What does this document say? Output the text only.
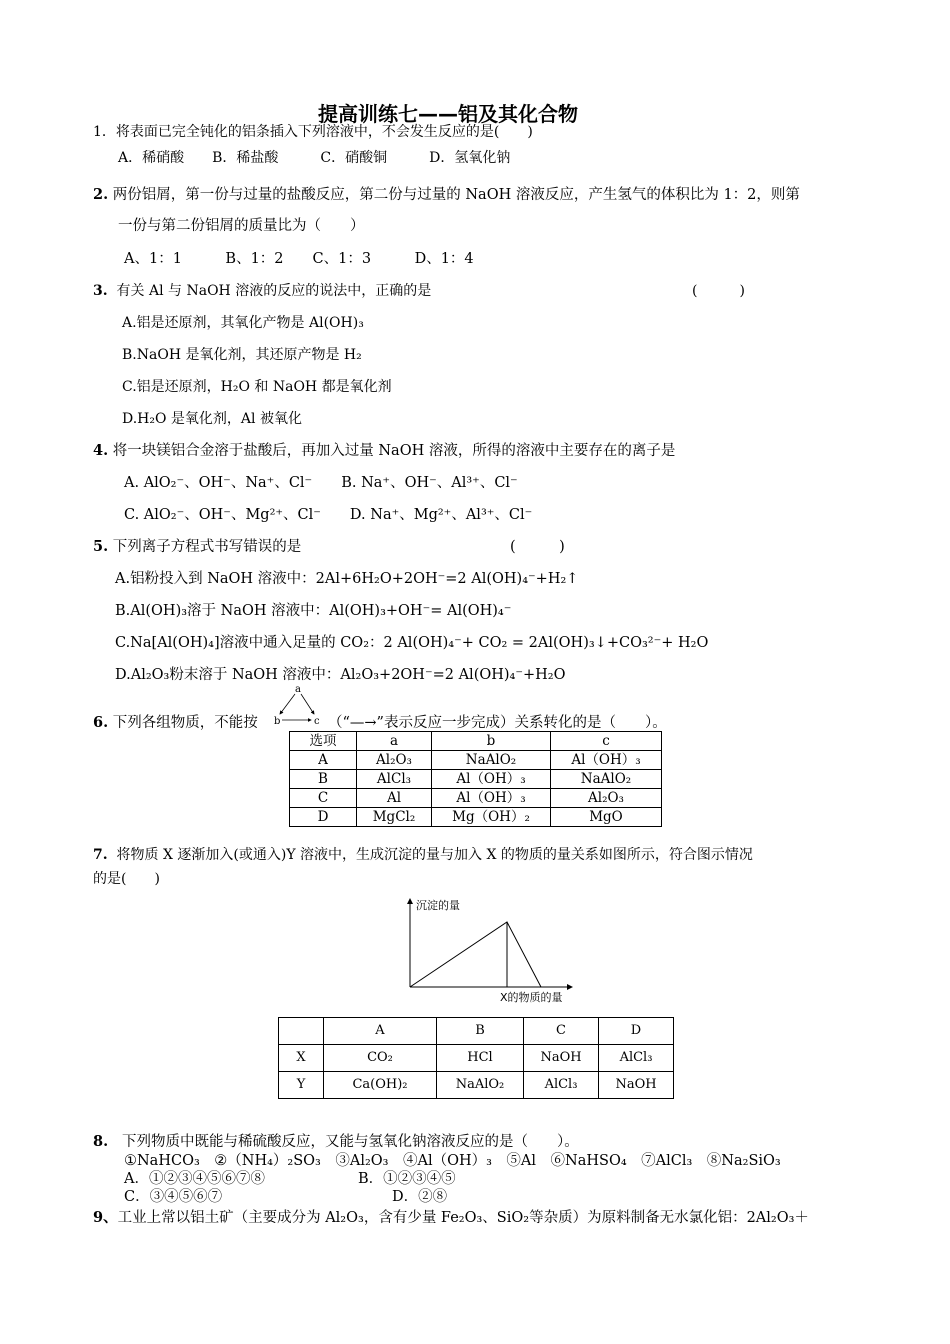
提高训练七——铝及其化合物
1．将表面已完全钝化的铝条插入下列溶液中，不会发生反应的是(　　)
A．稀硝酸　　B．稀盐酸　　　C．硝酸铜　　　D．氢氧化钠
2. 两份铝屑，第一份与过量的盐酸反应，第二份与过量的 NaOH 溶液反应，产生氢气的体积比为 1：2，则第
一份与第二份铝屑的质量比为（　　）
A、1：1　　　B、1：2　　C、1：3　　　D、1：4
3. 有关 Al 与 NaOH 溶液的反应的说法中，正确的是	(　　　)
A.铝是还原剂，其氧化产物是 Al(OH)₃
B.NaOH 是氧化剂，其还原产物是 H₂
C.铝是还原剂，H₂O 和 NaOH 都是氧化剂
D.H₂O 是氧化剂，Al 被氧化
4. 将一块镁铝合金溶于盐酸后，再加入过量 NaOH 溶液，所得的溶液中主要存在的离子是
A. AlO₂⁻、OH⁻、Na⁺、Cl⁻　　B. Na⁺、OH⁻、Al³⁺、Cl⁻
C. AlO₂⁻、OH⁻、Mg²⁺、Cl⁻　　D. Na⁺、Mg²⁺、Al³⁺、Cl⁻
5. 下列离子方程式书写错误的是	(　　　)
A.铝粉投入到 NaOH 溶液中：2Al+6H₂O+2OH⁻=2 Al(OH)₄⁻+H₂↑
B.Al(OH)₃溶于 NaOH 溶液中：Al(OH)₃+OH⁻= Al(OH)₄⁻
C.Na[Al(OH)₄]溶液中通入足量的 CO₂：2 Al(OH)₄⁻+ CO₂ = 2Al(OH)₃↓+CO₃²⁻+ H₂O
D.Al₂O₃粉末溶于 NaOH 溶液中：Al₂O₃+2OH⁻=2 Al(OH)₄⁻+H₂O
6. 下列各组物质，不能按
a
b	c （“—→”表示反应一步完成）关系转化的是（　　）。
选项	a	b	c
A	Al₂O₃	NaAlO₂	Al（OH）₃
B	AlCl₃	Al（OH）₃	NaAlO₂
C	Al	Al（OH）₃	Al₂O₃
D	MgCl₂	Mg（OH）₂	MgO
7. 将物质 X 逐渐加入(或通入)Y 溶液中，生成沉淀的量与加入 X 的物质的量关系如图所示，符合图示情况
的是(　　)
沉淀的量
X的物质的量
	A	B	C	D
X	CO₂	HCl	NaOH	AlCl₃
Y	Ca(OH)₂	NaAlO₂	AlCl₃	NaOH
8. 下列物质中既能与稀硫酸反应，又能与氢氧化钠溶液反应的是（　　）。
①NaHCO₃　②（NH₄）₂SO₃　③Al₂O₃　④Al（OH）₃　⑤Al　⑥NaHSO₄　⑦AlCl₃　⑧Na₂SiO₃
A．①②③④⑤⑥⑦⑧	B．①②③④⑤
C．③④⑤⑥⑦	D．②⑧
9、工业上常以铝土矿（主要成分为 Al₂O₃，含有少量 Fe₂O₃、SiO₂等杂质）为原料制备无水氯化铝：2Al₂O₃＋
